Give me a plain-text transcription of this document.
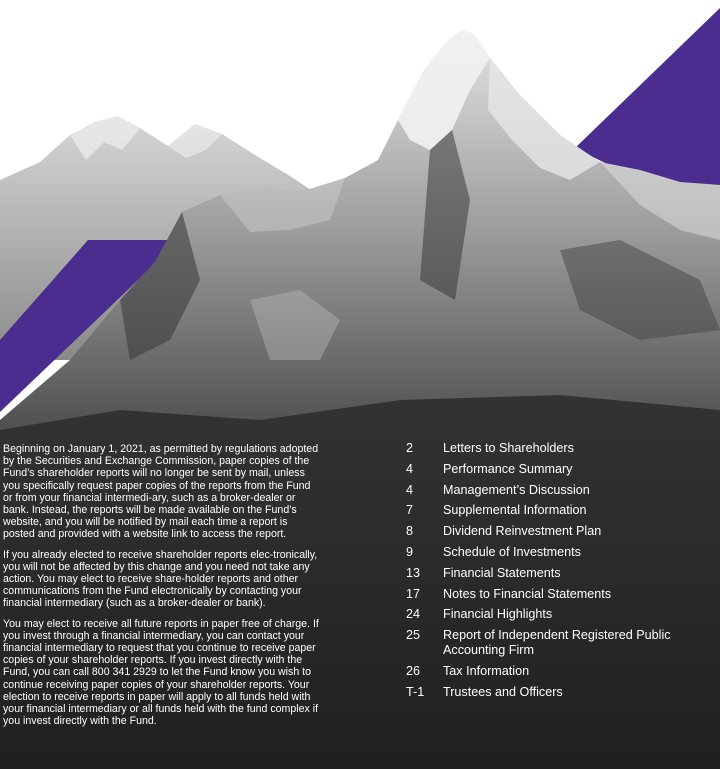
Beginning on January 1, 2021, as permitted by regulations adopted by the Securities and Exchange Commission, paper copies of the Fund’s shareholder reports will no longer be sent by mail, unless you specifically request paper copies of the reports from the Fund or from your financial intermedi-ary, such as a broker-dealer or bank. Instead, the reports will be made available on the Fund’s website, and you will be notified by mail each time a report is posted and provided with a website link to access the report.

If you already elected to receive shareholder reports elec-tronically, you will not be affected by this change and you need not take any action. You may elect to receive share-holder reports and other communications from the Fund electronically by contacting your financial intermediary (such as a broker-dealer or bank).

You may elect to receive all future reports in paper free of charge. If you invest through a financial intermediary, you can contact your financial intermediary to request that you continue to receive paper copies of your shareholder reports. If you invest directly with the Fund, you can call 800 341 2929 to let the Fund know you wish to continue receiving paper copies of your shareholder reports. Your election to receive reports in paper will apply to all funds held with your financial intermediary or all funds held with the fund complex if you invest directly with the Fund.

2	Letters to Shareholders
4	Performance Summary
4	Management’s Discussion
7	Supplemental Information
8	Dividend Reinvestment Plan
9	Schedule of Investments
13	Financial Statements
17	Notes to Financial Statements
24	Financial Highlights
25	Report of Independent Registered Public Accounting Firm
26	Tax Information
T-1	Trustees and Officers
